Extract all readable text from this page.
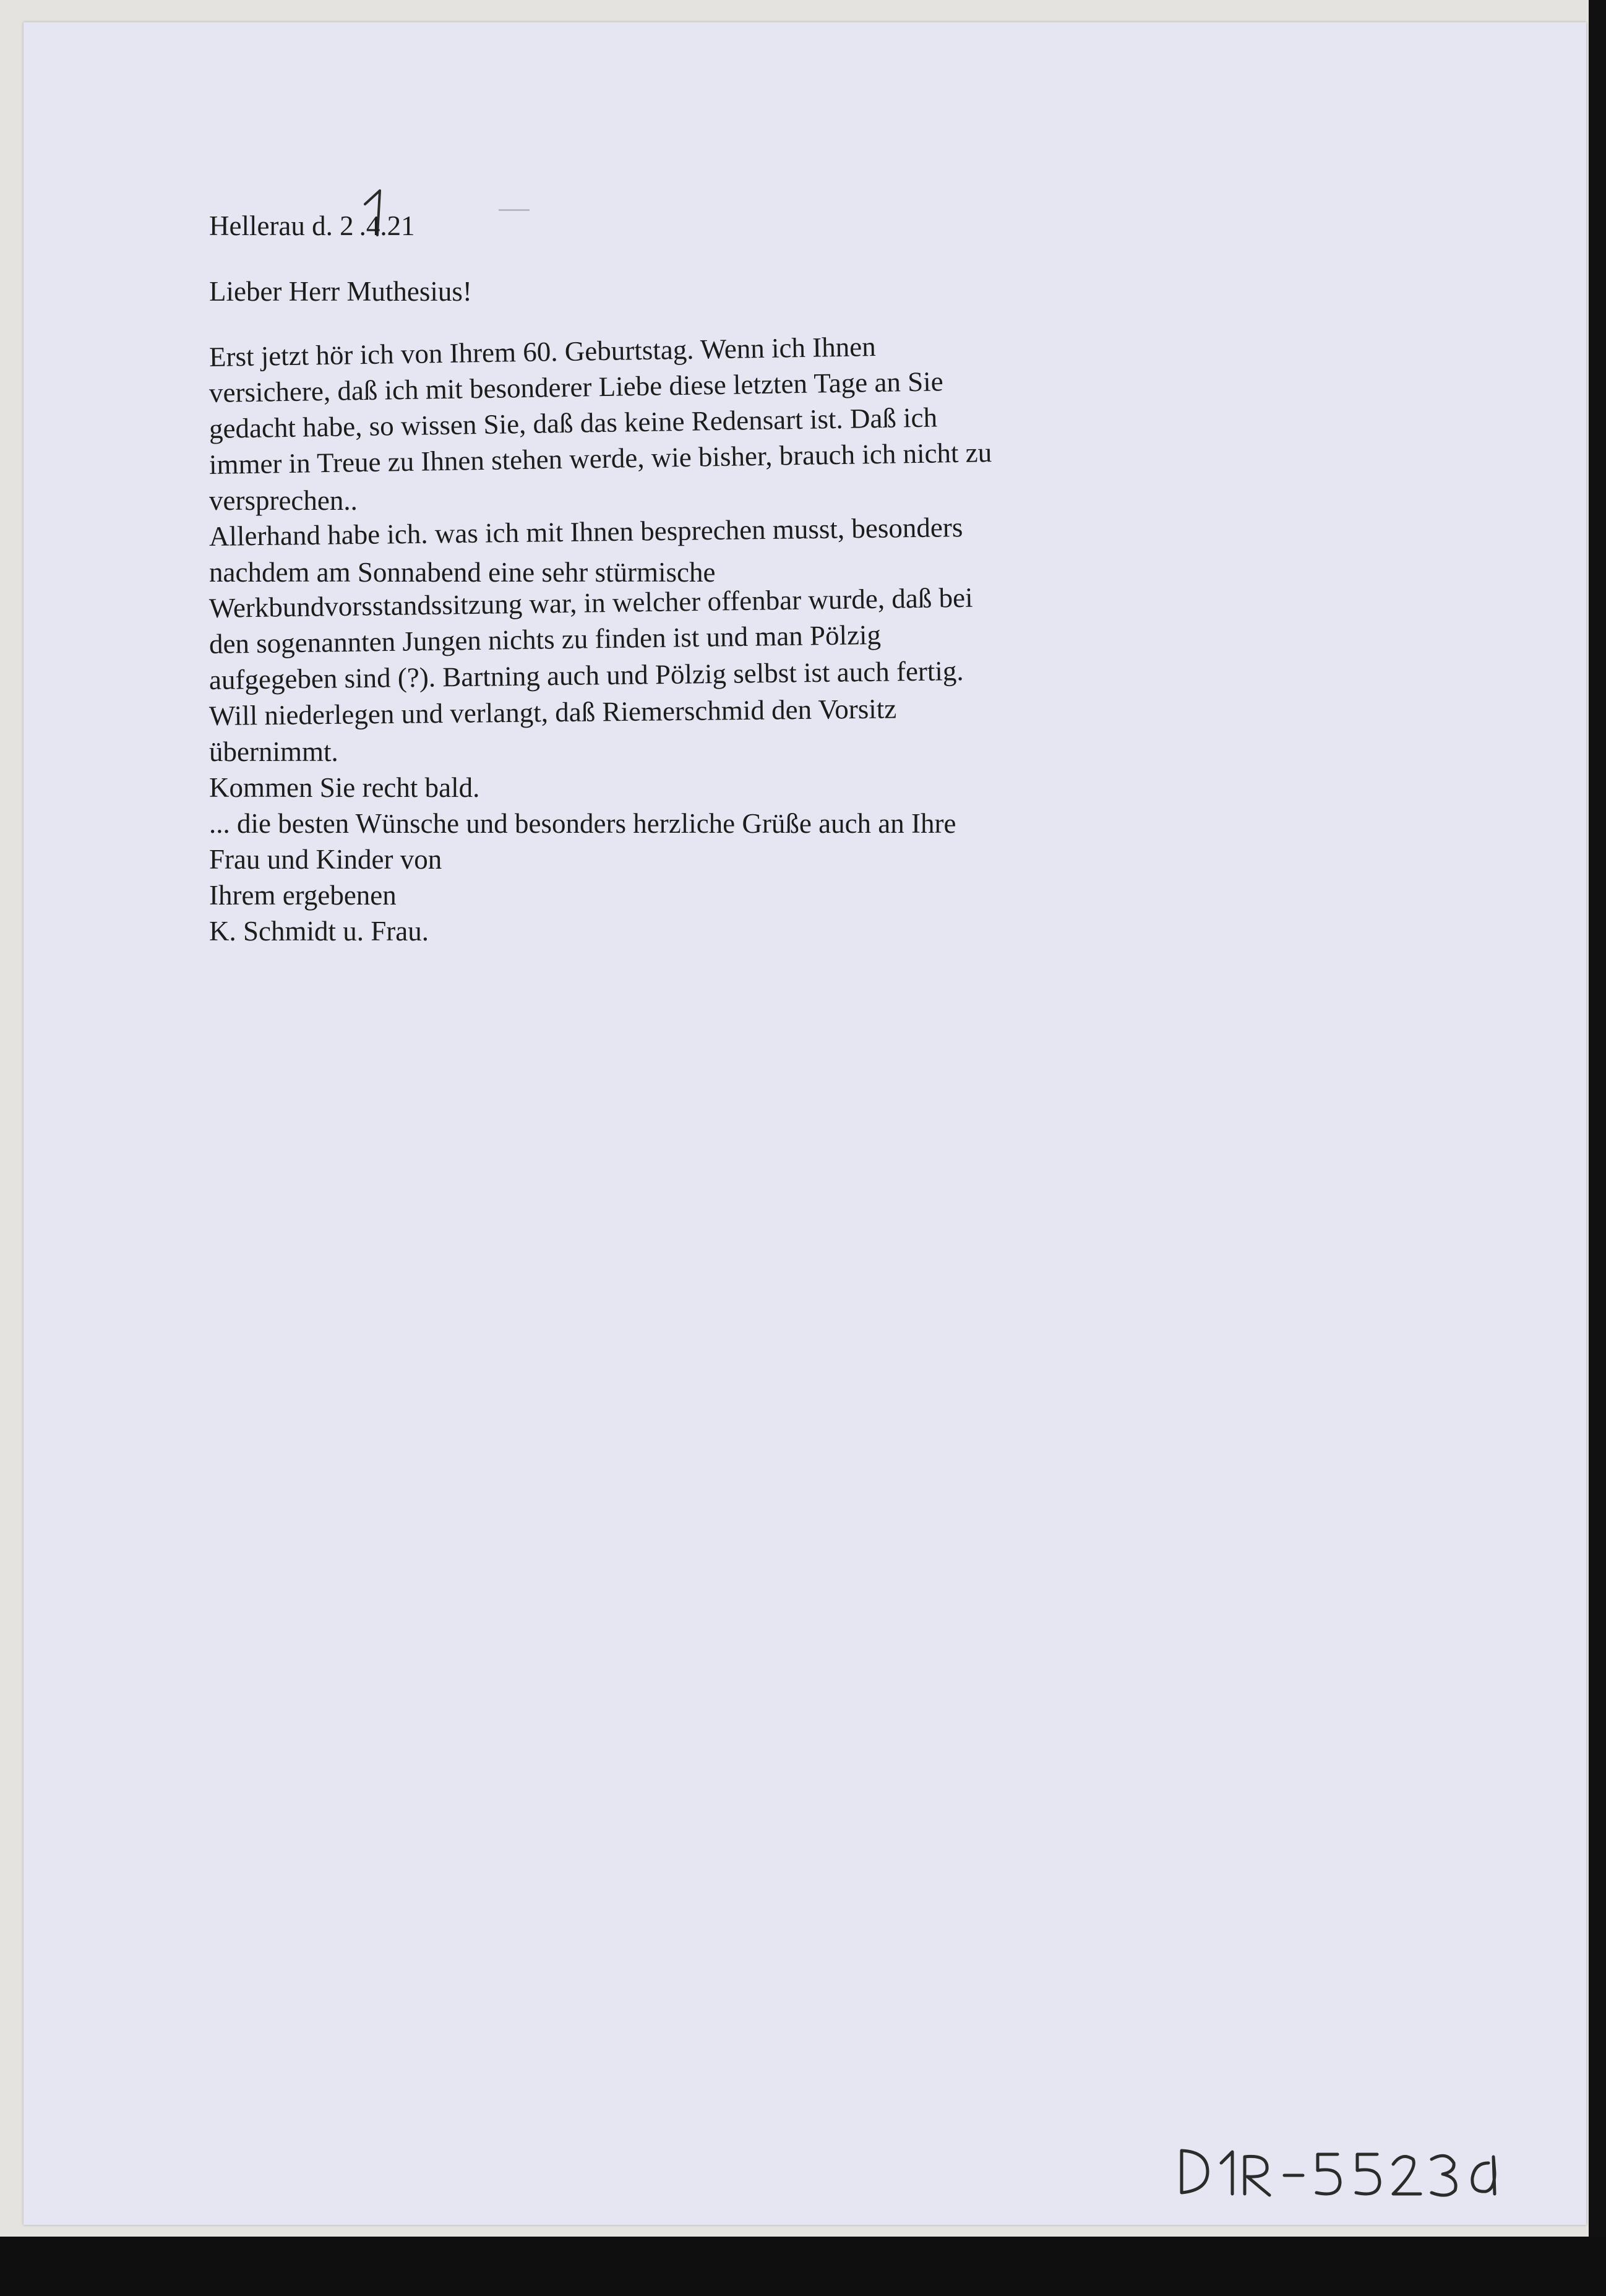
Hellerau d. 2 .4.21
Lieber Herr Muthesius!
Erst jetzt hör ich von Ihrem 60. Geburtstag. Wenn ich Ihnen
versichere, daß ich mit besonderer Liebe diese letzten Tage an Sie
gedacht habe, so wissen Sie, daß das keine Redensart ist. Daß ich
immer in Treue zu Ihnen stehen werde, wie bisher, brauch ich nicht zu
versprechen..
Allerhand habe ich. was ich mit Ihnen besprechen musst, besonders
nachdem am Sonnabend eine sehr stürmische
Werkbundvorsstandssitzung war, in welcher offenbar wurde, daß bei
den sogenannten Jungen nichts zu finden ist und man Pölzig
aufgegeben sind (?). Bartning auch und Pölzig selbst ist auch fertig.
Will niederlegen und verlangt, daß Riemerschmid den Vorsitz
übernimmt.
Kommen Sie recht bald.
... die besten Wünsche und besonders herzliche Grüße auch an Ihre
Frau und Kinder von
Ihrem ergebenen
K. Schmidt u. Frau.
